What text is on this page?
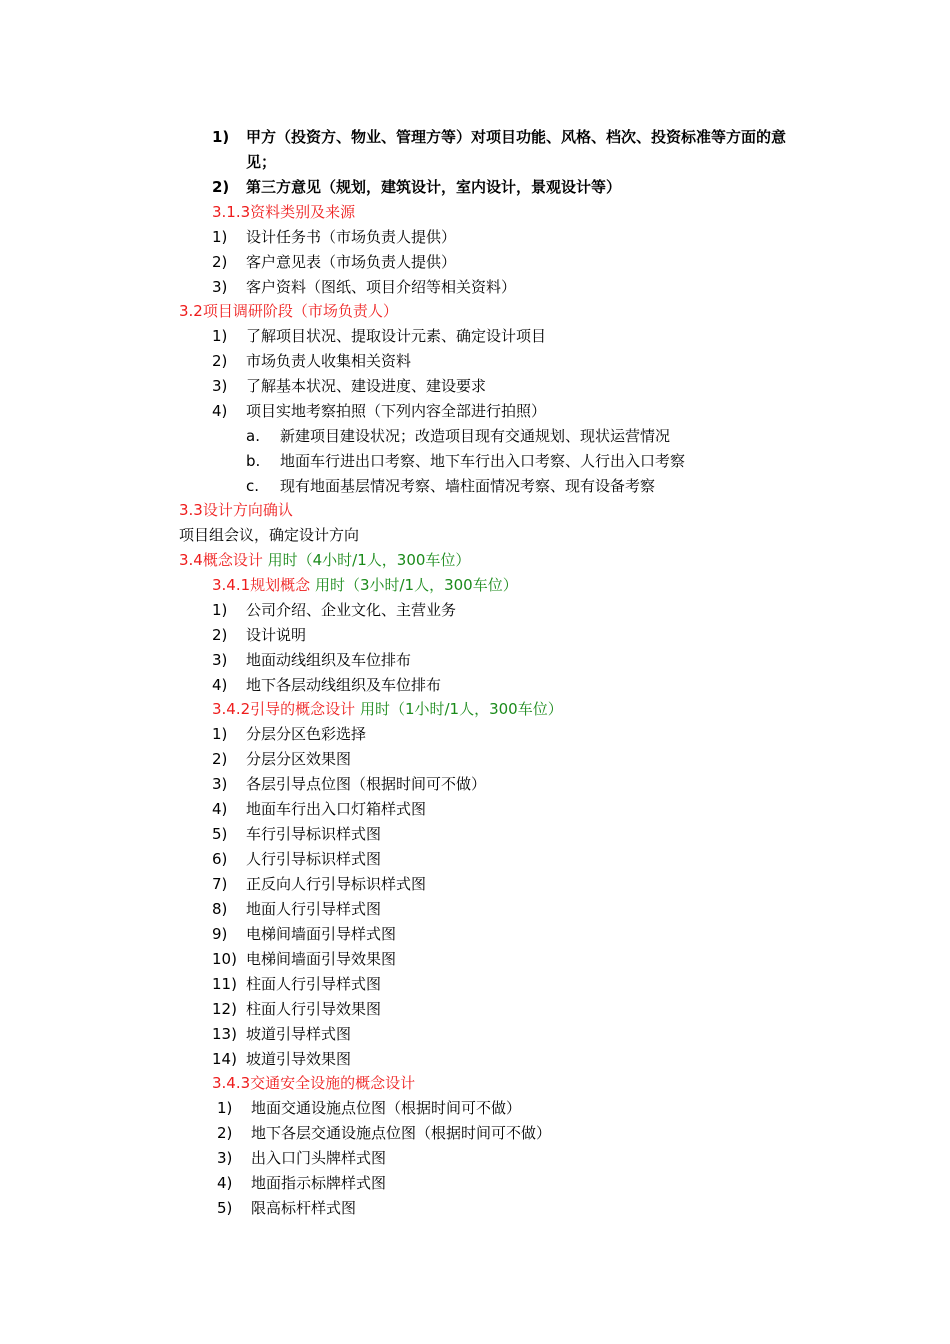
1) 甲方（投资方、物业、管理方等）对项目功能、风格、档次、投资标准等方面的意
见；
2) 第三方意见（规划，建筑设计，室内设计，景观设计等）
3.1.3资料类别及来源
1) 设计任务书（市场负责人提供）
2) 客户意见表（市场负责人提供）
3) 客户资料（图纸、项目介绍等相关资料）
3.2项目调研阶段（市场负责人）
1) 了解项目状况、提取设计元素、确定设计项目
2) 市场负责人收集相关资料
3) 了解基本状况、建设进度、建设要求
4) 项目实地考察拍照（下列内容全部进行拍照）
a. 新建项目建设状况；改造项目现有交通规划、现状运营情况
b. 地面车行进出口考察、地下车行出入口考察、人行出入口考察
c. 现有地面基层情况考察、墙柱面情况考察、现有设备考察
3.3设计方向确认
项目组会议，确定设计方向
3.4概念设计 用时（4小时/1人，300车位）
3.4.1规划概念 用时（3小时/1人，300车位）
1) 公司介绍、企业文化、主营业务
2) 设计说明
3) 地面动线组织及车位排布
4) 地下各层动线组织及车位排布
3.4.2引导的概念设计 用时（1小时/1人，300车位）
1) 分层分区色彩选择
2) 分层分区效果图
3) 各层引导点位图（根据时间可不做）
4) 地面车行出入口灯箱样式图
5) 车行引导标识样式图
6) 人行引导标识样式图
7) 正反向人行引导标识样式图
8) 地面人行引导样式图
9) 电梯间墙面引导样式图
10) 电梯间墙面引导效果图
11) 柱面人行引导样式图
12) 柱面人行引导效果图
13) 坡道引导样式图
14) 坡道引导效果图
3.4.3交通安全设施的概念设计
1) 地面交通设施点位图（根据时间可不做）
2) 地下各层交通设施点位图（根据时间可不做）
3) 出入口门头牌样式图
4) 地面指示标牌样式图
5) 限高标杆样式图
